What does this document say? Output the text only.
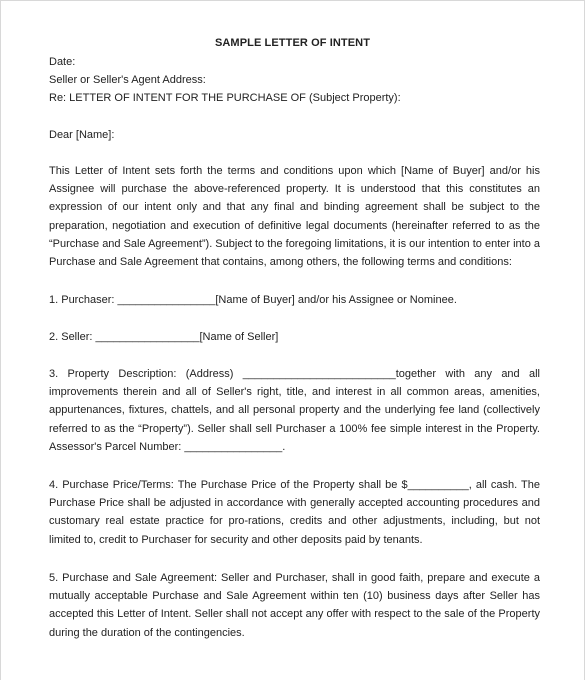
SAMPLE LETTER OF INTENT
Date:
Seller or Seller's Agent Address:
Re: LETTER OF INTENT FOR THE PURCHASE OF (Subject Property):
Dear [Name]:
This Letter of Intent sets forth the terms and conditions upon which [Name of Buyer] and/or his Assignee will purchase the above-referenced property. It is understood that this constitutes an expression of our intent only and that any final and binding agreement shall be subject to the preparation, negotiation and execution of definitive legal documents (hereinafter referred to as the “Purchase and Sale Agreement”). Subject to the foregoing limitations, it is our intention to enter into a Purchase and Sale Agreement that contains, among others, the following terms and conditions:
1. Purchaser: ________________[Name of Buyer] and/or his Assignee or Nominee.
2. Seller: _________________[Name of Seller]
3. Property Description: (Address) _________________________together with any and all improvements therein and all of Seller's right, title, and interest in all common areas, amenities, appurtenances, fixtures, chattels, and all personal property and the underlying fee land (collectively referred to as the “Property”). Seller shall sell Purchaser a 100% fee simple interest in the Property. Assessor's Parcel Number: ________________.
4. Purchase Price/Terms: The Purchase Price of the Property shall be $__________, all cash. The Purchase Price shall be adjusted in accordance with generally accepted accounting procedures and customary real estate practice for pro-rations, credits and other adjustments, including, but not limited to, credit to Purchaser for security and other deposits paid by tenants.
5. Purchase and Sale Agreement: Seller and Purchaser, shall in good faith, prepare and execute a mutually acceptable Purchase and Sale Agreement within ten (10) business days after Seller has accepted this Letter of Intent. Seller shall not accept any offer with respect to the sale of the Property during the duration of the contingencies.
